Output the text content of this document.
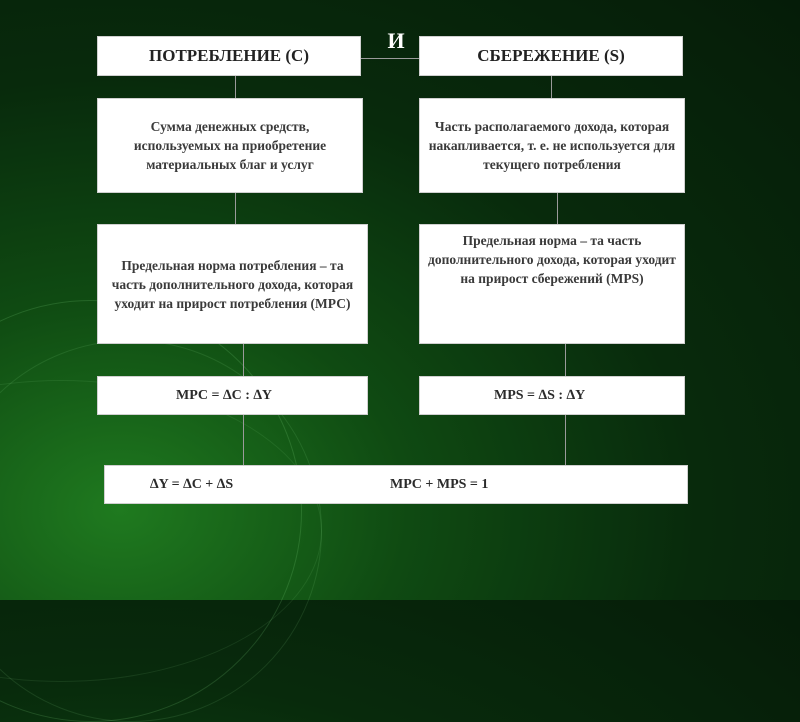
И
ПОТРЕБЛЕНИЕ (С)
Сумма денежных средств, используемых на приобретение материальных благ и услуг
Предельная норма потребления – та часть дополнительного дохода, которая уходит на прирост потребления (МРС)
МРС = ∆С : ∆Y
СБЕРЕЖЕНИЕ (S)
Часть располагаемого дохода, которая накапливается, т. е. не используется для текущего потребления
Предельная норма – та часть дополнительного дохода, которая уходит на прирост сбережений (MPS)
MPS = ∆S : ∆Y
∆Y = ∆C + ∆S	MPC + MPS = 1
